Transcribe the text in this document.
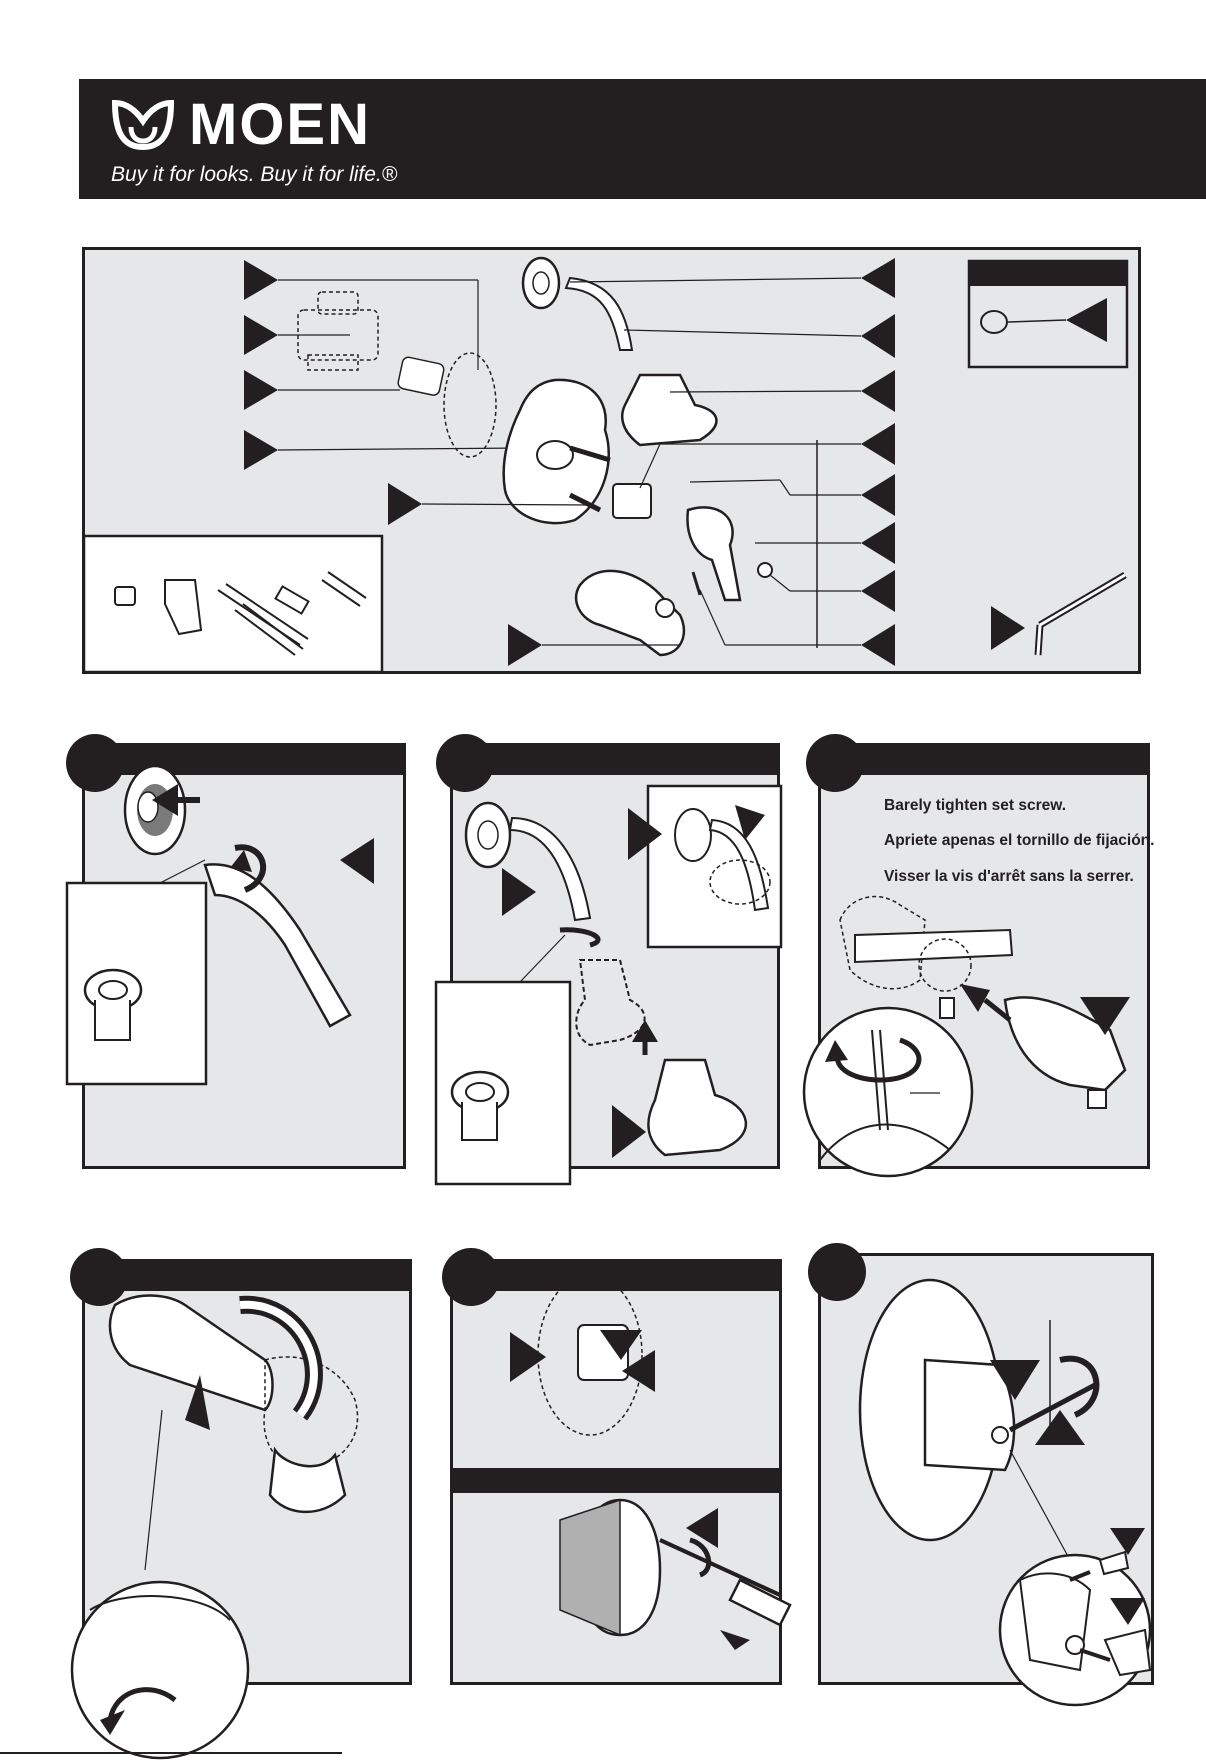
MOEN
Buy it for looks. Buy it for life.®
Barely tighten set screw.
Apriete apenas el tornillo de fijación.
Visser la vis d'arrêt sans la serrer.
